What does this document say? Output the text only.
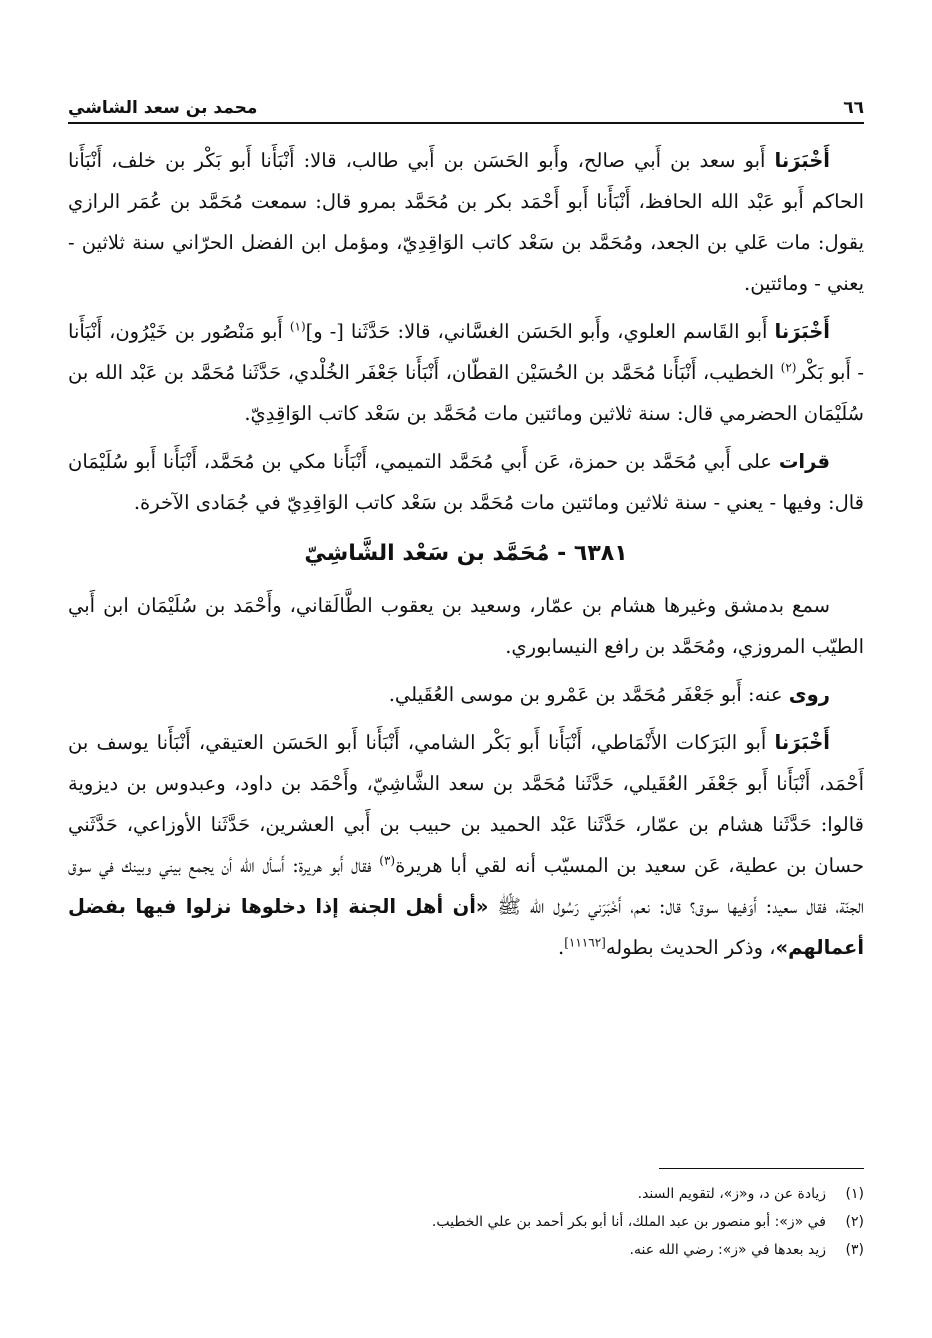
٦٦
محمد بن سعد الشاشي

أَخْبَرَنا أَبو سعد بن أَبي صالح، وأَبو الحَسَن بن أَبي طالب، قالا: أَنْبَأَنا أَبو بَكْر بن خلف، أَنْبَأَنا الحاكم أَبو عَبْد الله الحافظ، أَنْبَأَنا أَبو أَحْمَد بكر بن مُحَمَّد بمرو قال: سمعت مُحَمَّد بن عُمَر الرازي يقول: مات عَلي بن الجعد، ومُحَمَّد بن سَعْد كاتب الوَاقِدِيّ، ومؤمل ابن الفضل الحرّاني سنة ثلاثين - يعني - ومائتين.

أَخْبَرَنا أَبو القَاسم العلوي، وأَبو الحَسَن الغسَّاني، قالا: حَدَّثَنا [- و]$^{(١)}$ أَبو مَنْصُور بن خَيْرُون، أَنْبَأَنا - أَبو بَكْر$^{(٢)}$ الخطيب، أَنْبَأَنا مُحَمَّد بن الحُسَيْن القطّان، أَنْبَأَنا جَعْفَر الخُلْدي، حَدَّثَنا مُحَمَّد بن عَبْد الله بن سُلَيْمَان الحضرمي قال: سنة ثلاثين ومائتين مات مُحَمَّد بن سَعْد كاتب الوَاقِدِيّ.

قرات على أَبي مُحَمَّد بن حمزة، عَن أَبي مُحَمَّد التميمي، أَنْبَأَنا مكي بن مُحَمَّد، أَنْبَأَنا أَبو سُلَيْمَان قال: وفيها - يعني - سنة ثلاثين ومائتين مات مُحَمَّد بن سَعْد كاتب الوَاقِدِيّ في جُمَادى الآخرة.

٦٣٨١ - مُحَمَّد بن سَعْد الشَّاشِيّ

سمع بدمشق وغيرها هشام بن عمّار، وسعيد بن يعقوب الطَّالَقاني، وأَحْمَد بن سُلَيْمَان ابن أَبي الطيّب المروزي، ومُحَمَّد بن رافع النيسابوري.

روى عنه: أَبو جَعْفَر مُحَمَّد بن عَمْرو بن موسى العُقَيلي.

أَخْبَرَنا أَبو البَرَكات الأَنْمَاطي، أَنْبَأَنا أَبو بَكْر الشامي، أَنْبَأَنا أَبو الحَسَن العتيقي، أَنْبَأَنا يوسف بن أَحْمَد، أَنْبَأَنا أَبو جَعْفَر العُقَيلي، حَدَّثَنا مُحَمَّد بن سعد الشَّاشِيّ، وأَحْمَد بن داود، وعبدوس بن ديزوية قالوا: حَدَّثَنا هشام بن عمّار، حَدَّثَنا عَبْد الحميد بن حبيب بن أَبي العشرين، حَدَّثَنا الأوزاعي، حَدَّثَني حسان بن عطية، عَن سعيد بن المسيّب أنه لقي أبا هريرة$^{(٣)}$ فقال أَبو هريرة: أَسأل الله أن يجمع بيني وبينك في سوق الجنّة، فقال سعيد: أَوَفيها سوق؟ قال: نعم، أَخْبَرَني رَسُول الله ﷺ «أن أهل الجنة إذا دخلوها نزلوا فيها بفضل أعمالهم»، وذكر الحديث بطوله[١١١٦٢].

(١)
زيادة عن د، و«ز»، لتقويم السند.
(٢)
في «ز»: أبو منصور بن عبد الملك، أنا أبو بكر أحمد بن علي الخطيب.
(٣)
زيد بعدها في «ز»: رضي الله عنه.
